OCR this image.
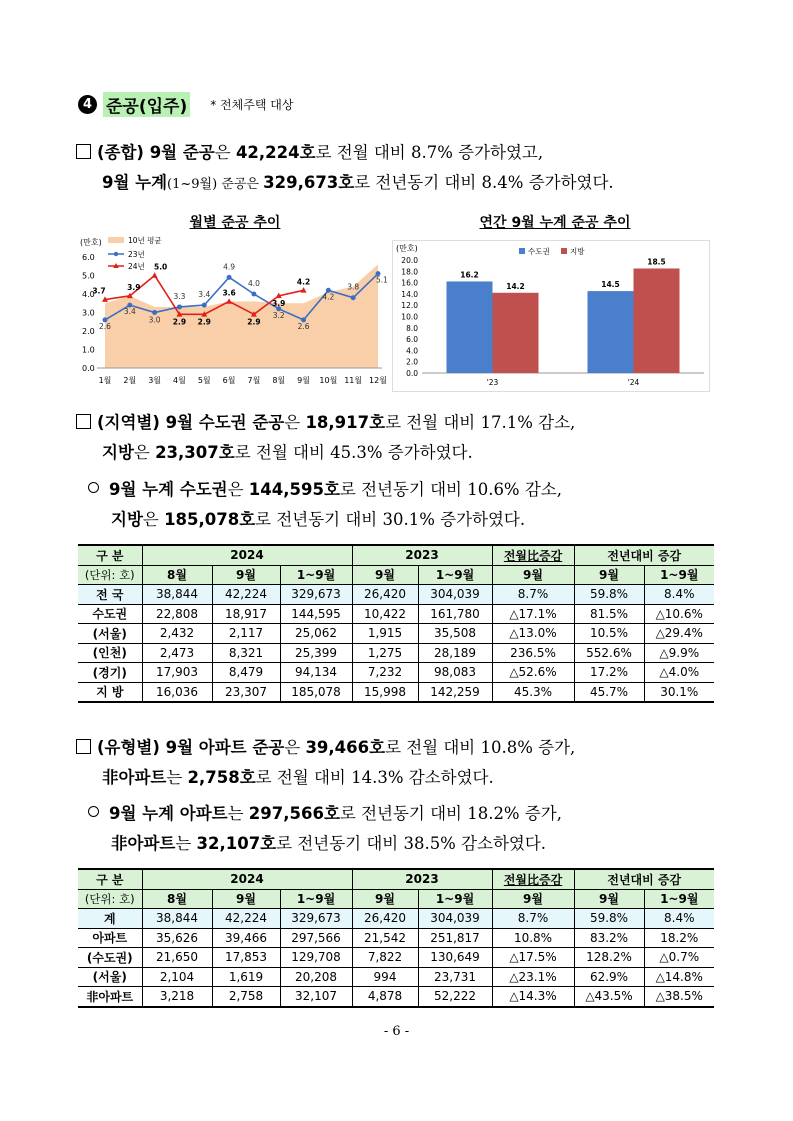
4 준공(입주) * 전체주택 대상
(종합) 9월 준공은 42,224호로 전월 대비 8.7% 증가하였고,
9월 누계(1~9월) 준공은 329,673호로 전년동기 대비 8.4% 증가하였다.
월별 준공 추이	연간 9월 누계 준공 추이
(만호)
0.0
1.0
2.0
3.0
4.0
5.0
6.0
1월 2월 3월 4월 5월 6월 7월 8월 9월 10월 11월 12월
2.6
3.4
3.0
3.3 3.4
4.9
4.0
3.2
2.6
4.2
3.8
5.1
3.7	3.9
5.0
2.9 2.9
3.6
2.9
3.9
4.2
10년 평균
23년
24년
(만호)
0.0
2.0
4.0
6.0
8.0
10.0
12.0
14.0
16.0
18.0
20.0
16.2
14.2
'23
14.5
18.5
'24
수도권	지방
(지역별) 9월 수도권 준공은 18,917호로 전월 대비 17.1% 감소,
지방은 23,307호로 전월 대비 45.3% 증가하였다.
9월 누계 수도권은 144,595호로 전년동기 대비 10.6% 감소,
지방은 185,078호로 전년동기 대비 30.1% 증가하였다.
구 분	2024			2023		전월比증감	전년대비 증감	
(단위: 호)	8월	9월	1~9월	9월	1~9월	9월	9월	1~9월
전 국	38,844	42,224	329,673	26,420	304,039	8.7%	59.8%	8.4%
수도권	22,808	18,917	144,595	10,422	161,780	△17.1%	81.5%	△10.6%
(서울)	2,432	2,117	25,062	1,915	35,508	△13.0%	10.5%	△29.4%
(인천)	2,473	8,321	25,399	1,275	28,189	236.5%	552.6%	△9.9%
(경기)	17,903	8,479	94,134	7,232	98,083	△52.6%	17.2%	△4.0%
지 방	16,036	23,307	185,078	15,998	142,259	45.3%	45.7%	30.1%
(유형별) 9월 아파트 준공은 39,466호로 전월 대비 10.8% 증가,
非아파트는 2,758호로 전월 대비 14.3% 감소하였다.
9월 누계 아파트는 297,566호로 전년동기 대비 18.2% 증가,
非아파트는 32,107호로 전년동기 대비 38.5% 감소하였다.
구 분	2024			2023		전월比증감	전년대비 증감	
(단위: 호)	8월	9월	1~9월	9월	1~9월	9월	9월	1~9월
계	38,844	42,224	329,673	26,420	304,039	8.7%	59.8%	8.4%
아파트	35,626	39,466	297,566	21,542	251,817	10.8%	83.2%	18.2%
(수도권)	21,650	17,853	129,708	7,822	130,649	△17.5%	128.2%	△0.7%
(서울)	2,104	1,619	20,208	994	23,731	△23.1%	62.9%	△14.8%
非아파트	3,218	2,758	32,107	4,878	52,222	△14.3%	△43.5%	△38.5%
- 6 -
